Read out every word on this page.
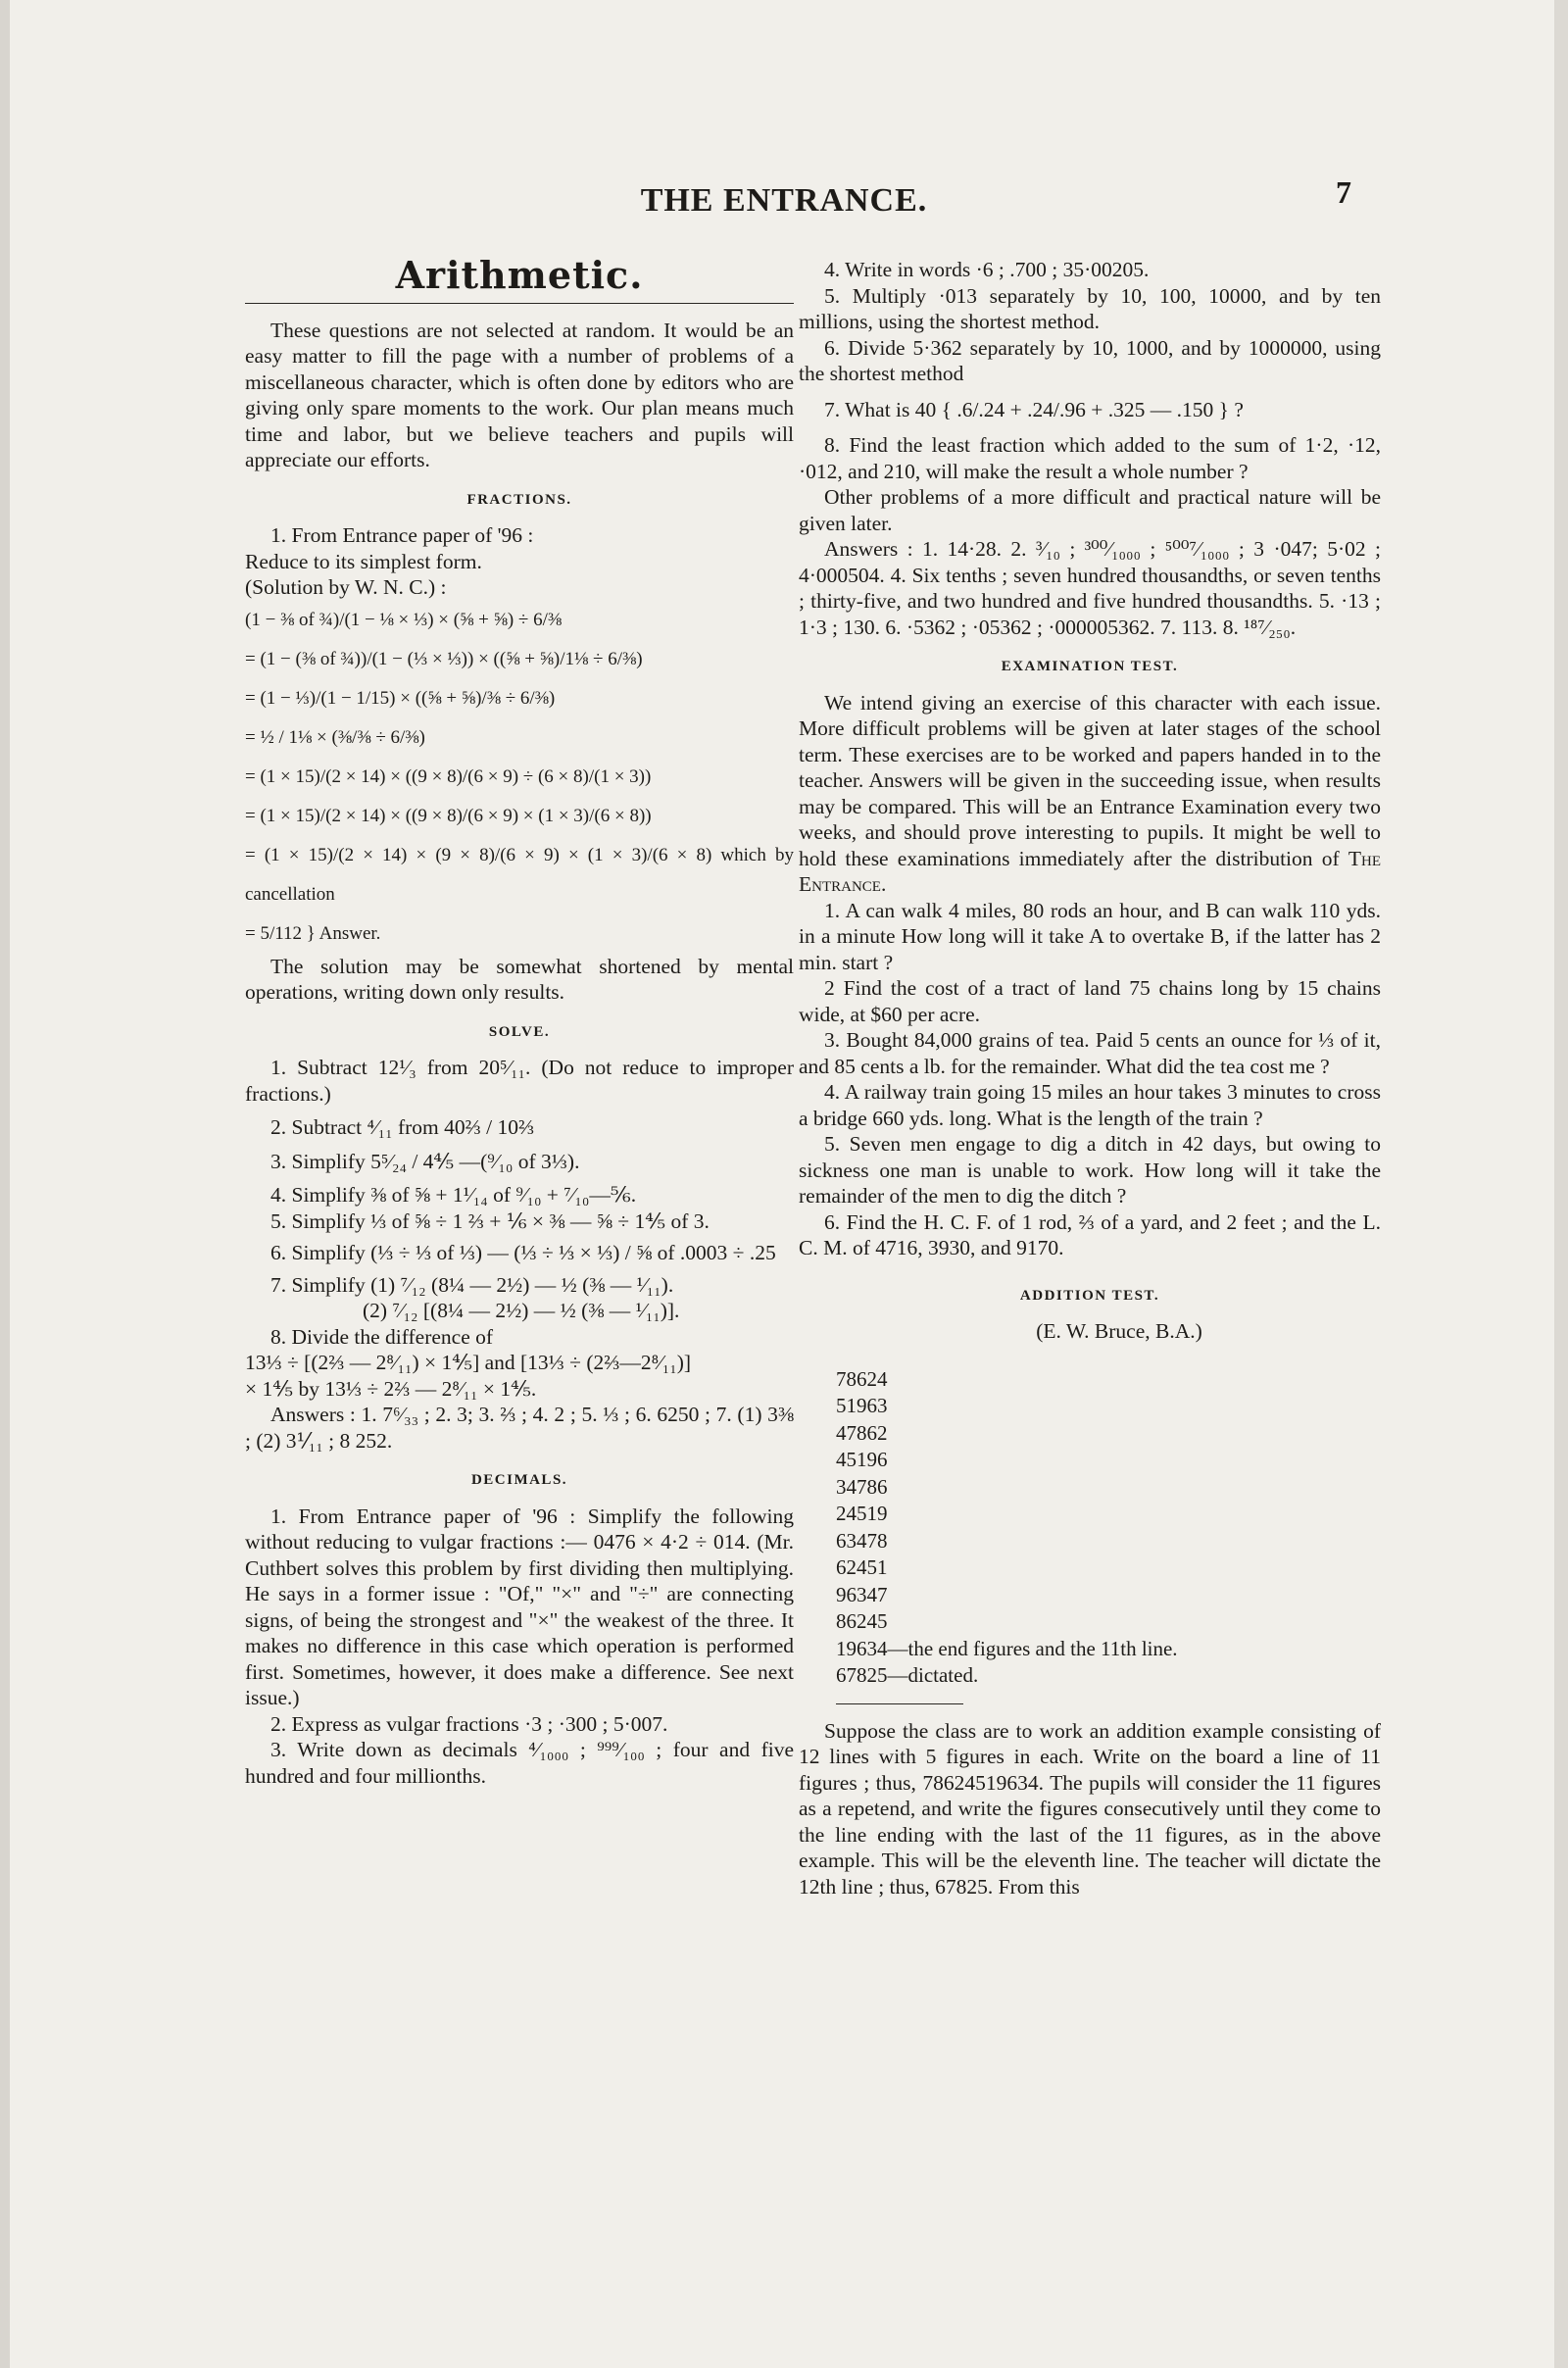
THE ENTRANCE.	7
Arithmetic.

These questions are not selected at random. It would be an easy matter to fill the page with a number of problems of a miscellaneous character, which is often done by editors who are giving only spare moments to the work. Our plan means much time and labor, but we believe teachers and pupils will appreciate our efforts.

FRACTIONS.

1. From Entrance paper of '96 :

Reduce to its simplest form.

(Solution by W. N. C.) :

(1 − ⅜ of ¾)/(1 − ⅛ × ⅓) × (⅝ + ⅝) ÷ 6/⅜
= (1 − (⅜ of ¾))/(1 − (⅓ × ⅓)) × ((⅝ + ⅝)/1⅛ ÷ 6/⅜)
= (1 − ⅓)/(1 − 1/15) × ((⅝ + ⅝)/⅜ ÷ 6/⅜)
= ½ / 1⅛ × (⅜/⅜ ÷ 6/⅜)
= (1 × 15)/(2 × 14) × ((9 × 8)/(6 × 9) ÷ (6 × 8)/(1 × 3))
= (1 × 15)/(2 × 14) × ((9 × 8)/(6 × 9) × (1 × 3)/(6 × 8))
= (1 × 15)/(2 × 14) × (9 × 8)/(6 × 9) × (1 × 3)/(6 × 8) which by cancellation
= 5/112 } Answer.

The solution may be somewhat shortened by mental operations, writing down only results.

SOLVE.

1. Subtract 12¹⁄₃ from 20⁵⁄₁₁. (Do not reduce to improper fractions.)

2. Subtract ⁴⁄₁₁ from 40⅔ / 10⅔

3. Simplify 5⁵⁄₂₄ / 4⅘ —(⁹⁄₁₀ of 3⅓).

4. Simplify ⅜ of ⅝ + 1¹⁄₁₄ of ⁹⁄₁₀ + ⁷⁄₁₀—⅚.

5. Simplify ⅓ of ⅝ ÷ 1 ⅔ + ⅙ × ⅜ — ⅝ ÷ 1⅘ of 3.

6. Simplify (⅓ ÷ ⅓ of ⅓) — (⅓ ÷ ⅓ × ⅓) / ⅝ of .0003 ÷ .25

7. Simplify (1) ⁷⁄₁₂ (8¼ — 2½) — ½ (⅜ — ¹⁄₁₁).

(2) ⁷⁄₁₂ [(8¼ — 2½) — ½ (⅜ — ¹⁄₁₁)].

8. Divide the difference of

13⅓ ÷ [(2⅔ — 2⁸⁄₁₁) × 1⅘] and [13⅓ ÷ (2⅔—2⁸⁄₁₁)]

× 1⅘ by 13⅓ ÷ 2⅔ — 2⁸⁄₁₁ × 1⅘.

Answers : 1. 7⁶⁄₃₃ ; 2. 3; 3. ⅔ ; 4. 2 ; 5. ⅓ ; 6. 6250 ; 7. (1) 3⅜ ; (2) 3⅟₁₁ ; 8 252.

DECIMALS.

1. From Entrance paper of '96 : Simplify the following without reducing to vulgar fractions :— 0476 × 4·2 ÷ 014. (Mr. Cuthbert solves this problem by first dividing then multiplying. He says in a former issue : "Of," "×" and "÷" are connecting signs, of being the strongest and "×" the weakest of the three. It makes no difference in this case which operation is performed first. Sometimes, however, it does make a difference. See next issue.)

2. Express as vulgar fractions ·3 ; ·300 ; 5·007.

3. Write down as decimals ⁴⁄₁₀₀₀ ; ⁹⁹⁹⁄₁₀₀ ; four and five hundred and four millionths.

4. Write in words ·6 ; .700 ; 35·00205.

5. Multiply ·013 separately by 10, 100, 10000, and by ten millions, using the shortest method.

6. Divide 5·362 separately by 10, 1000, and by 1000000, using the shortest method

7. What is 40 { .6/.24 + .24/.96 + .325 — .150 } ?

8. Find the least fraction which added to the sum of 1·2, ·12, ·012, and 210, will make the result a whole number ?

Other problems of a more difficult and practical nature will be given later.

Answers : 1. 14·28. 2. ³⁄₁₀ ; ³⁰⁰⁄₁₀₀₀ ; ⁵⁰⁰⁷⁄₁₀₀₀ ; 3 ·047; 5·02 ; 4·000504. 4. Six tenths ; seven hundred thousandths, or seven tenths ; thirty-five, and two hundred and five hundred thousandths. 5. ·13 ; 1·3 ; 130. 6. ·5362 ; ·05362 ; ·000005362. 7. 113. 8. ¹⁸⁷⁄₂₅₀.

EXAMINATION TEST.

We intend giving an exercise of this character with each issue. More difficult problems will be given at later stages of the school term. These exercises are to be worked and papers handed in to the teacher. Answers will be given in the succeeding issue, when results may be compared. This will be an Entrance Examination every two weeks, and should prove interesting to pupils. It might be well to hold these examinations immediately after the distribution of The Entrance.

1. A can walk 4 miles, 80 rods an hour, and B can walk 110 yds. in a minute How long will it take A to overtake B, if the latter has 2 min. start ?

2 Find the cost of a tract of land 75 chains long by 15 chains wide, at $60 per acre.

3. Bought 84,000 grains of tea. Paid 5 cents an ounce for ⅓ of it, and 85 cents a lb. for the remainder. What did the tea cost me ?

4. A railway train going 15 miles an hour takes 3 minutes to cross a bridge 660 yds. long. What is the length of the train ?

5. Seven men engage to dig a ditch in 42 days, but owing to sickness one man is unable to work. How long will it take the remainder of the men to dig the ditch ?

6. Find the H. C. F. of 1 rod, ⅔ of a yard, and 2 feet ; and the L. C. M. of 4716, 3930, and 9170.

ADDITION TEST.

(E. W. Bruce, B.A.)

78624
51963
47862
45196
34786
24519
63478
62451
96347
86245
19634—the end figures and the 11th line.
67825—dictated.

Suppose the class are to work an addition example consisting of 12 lines with 5 figures in each. Write on the board a line of 11 figures ; thus, 78624519634. The pupils will consider the 11 figures as a repetend, and write the figures consecutively until they come to the line ending with the last of the 11 figures, as in the above example. This will be the eleventh line. The teacher will dictate the 12th line ; thus, 67825. From this
